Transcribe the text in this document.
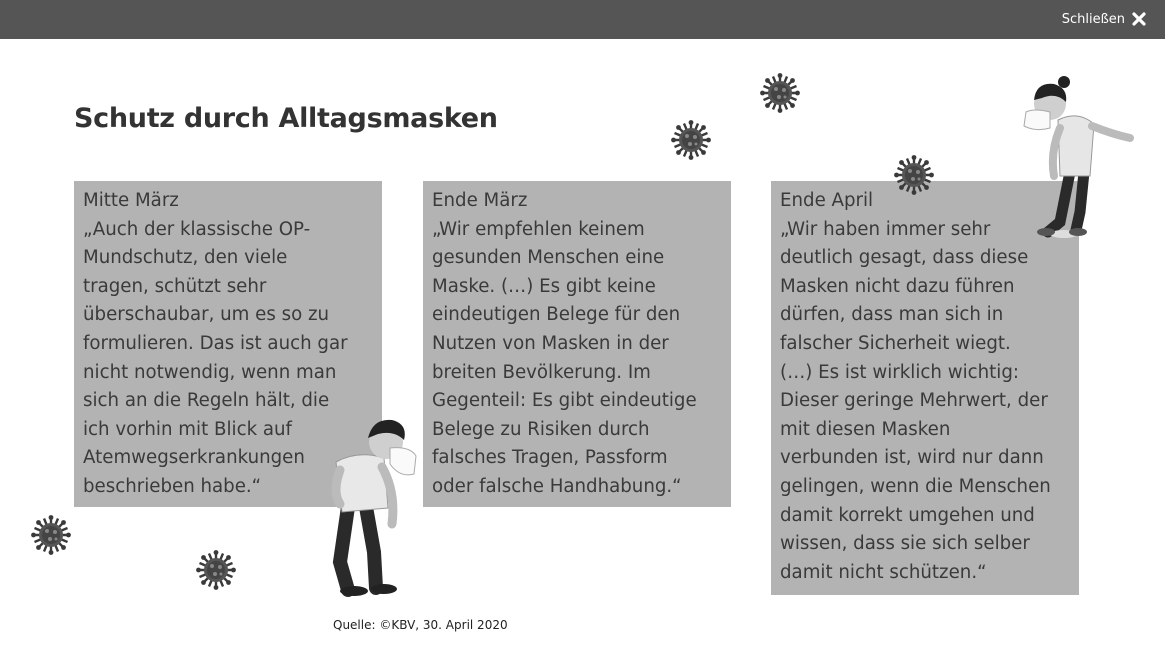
Schließen
Schutz durch Alltagsmasken
Mitte März
„Auch der klassische OP-
Mundschutz, den viele
tragen, schützt sehr
überschaubar, um es so zu
formulieren. Das ist auch gar
nicht notwendig, wenn man
sich an die Regeln hält, die
ich vorhin mit Blick auf
Atemwegserkrankungen
beschrieben habe.“
Ende März
„Wir empfehlen keinem
gesunden Menschen eine
Maske. (…) Es gibt keine
eindeutigen Belege für den
Nutzen von Masken in der
breiten Bevölkerung. Im
Gegenteil: Es gibt eindeutige
Belege zu Risiken durch
falsches Tragen, Passform
oder falsche Handhabung.“
Ende April
„Wir haben immer sehr
deutlich gesagt, dass diese
Masken nicht dazu führen
dürfen, dass man sich in
falscher Sicherheit wiegt.
(…) Es ist wirklich wichtig:
Dieser geringe Mehrwert, der
mit diesen Masken
verbunden ist, wird nur dann
gelingen, wenn die Menschen
damit korrekt umgehen und
wissen, dass sie sich selber
damit nicht schützen.“
Quelle: ©KBV, 30. April 2020
